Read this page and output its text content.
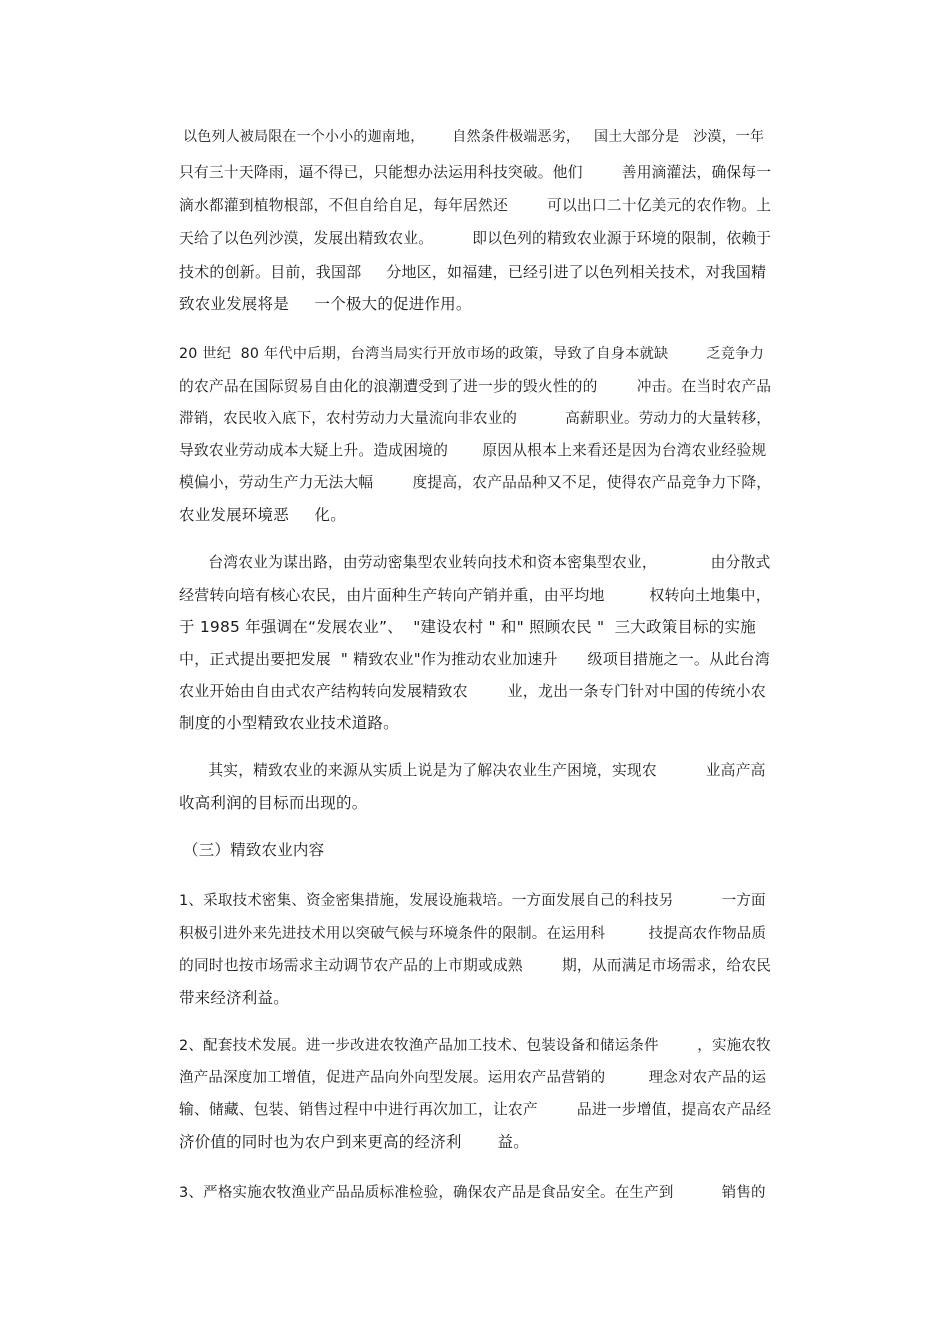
以色列人被局限在一个小小的迦南地，      自然条件极端恶劣，   国土大部分是   沙漠，一年
只有三十天降雨，逼不得已，只能想办法运用科技突破。他们        善用滴灌法，确保每一
滴水都灌到植物根部，不但自给自足，每年居然还        可以出口二十亿美元的农作物。上
天给了以色列沙漠，发展出精致农业。        即以色列的精致农业源于环境的限制，依赖于
技术的创新。目前，我国部     分地区，如福建，已经引进了以色列相关技术，对我国精
致农业发展将是     一个极大的促进作用。
20 世纪  80 年代中后期，台湾当局实行开放市场的政策，导致了自身本就缺        乏竞争力
的农产品在国际贸易自由化的浪潮遭受到了进一步的毁火性的的        冲击。在当时农产品
滞销，农民收入底下，农村劳动力大量流向非农业的          高薪职业。劳动力的大量转移，
导致农业劳动成本大疑上升。造成困境的       原因从根本上来看还是因为台湾农业经验规
模偏小，劳动生产力无法大幅        度提高，农产品品种又不足，使得农产品竞争力下降，
农业发展环境恶     化。
台湾农业为谋出路，由劳动密集型农业转向技术和资本密集型农业，           由分散式
经营转向培有核心农民，由片面种生产转向产销并重，由平均地         权转向土地集中，
于 1985 年强调在“发展农业”、  "建设农村 " 和" 照顾农民 "  三大政策目标的实施
中，正式提出要把发展  " 精致农业"作为推动农业加速升      级项目措施之一。从此台湾
农业开始由自由式农产结构转向发展精致农        业，龙出一条专门针对中国的传统小农
制度的小型精致农业技术道路。
其实，精致农业的来源从实质上说是为了解决农业生产困境，实现农          业高产高
收高利润的目标而出现的。
（三）精致农业内容
1、采取技术密集、资金密集措施，发展设施栽培。一方面发展自己的科技另          一方面
积极引进外来先进技术用以突破气候与环境条件的限制。在运用科         技提高农作物品质
的同时也按市场需求主动调节农产品的上市期或成熟        期，从而满足市场需求，给农民
带来经济利益。
2、配套技术发展。进一步改进农牧渔产品加工技术、包装设备和储运条件        ，实施农牧
渔产品深度加工增值，促进产品向外向型发展。运用农产品营销的         理念对农产品的运
输、储藏、包装、销售过程中中进行再次加工，让农产        品进一步增值，提高农产品经
济价值的同时也为农户到来更高的经济利       益。
3、严格实施农牧渔业产品品质标准检验，确保农产品是食品安全。在生产到          销售的
